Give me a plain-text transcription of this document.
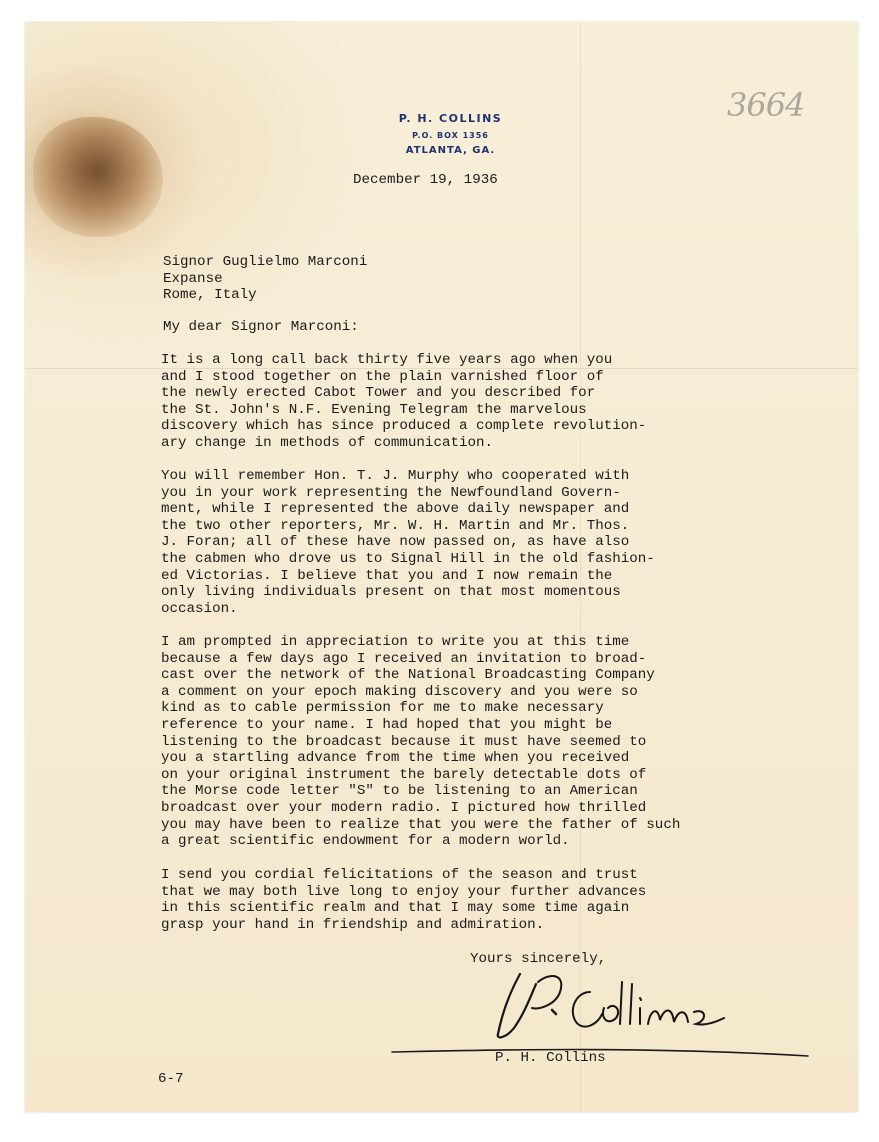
P. H. COLLINS
P.O. BOX 1356
ATLANTA, GA.
3664
December 19, 1936
Signor Guglielmo Marconi
Expanse
Rome, Italy
My dear Signor Marconi:
It is a long call back thirty five years ago when you
and I stood together on the plain varnished floor of
the newly erected Cabot Tower and you described for
the St. John's N.F. Evening Telegram the marvelous
discovery which has since produced a complete revolution-
ary change in methods of communication.
You will remember Hon. T. J. Murphy who cooperated with
you in your work representing the Newfoundland Govern-
ment, while I represented the above daily newspaper and
the two other reporters, Mr. W. H. Martin and Mr. Thos.
J. Foran; all of these have now passed on, as have also
the cabmen who drove us to Signal Hill in the old fashion-
ed Victorias. I believe that you and I now remain the
only living individuals present on that most momentous
occasion.
I am prompted in appreciation to write you at this time
because a few days ago I received an invitation to broad-
cast over the network of the National Broadcasting Company
a comment on your epoch making discovery and you were so
kind as to cable permission for me to make necessary
reference to your name. I had hoped that you might be
listening to the broadcast because it must have seemed to
you a startling advance from the time when you received
on your original instrument the barely detectable dots of
the Morse code letter "S" to be listening to an American
broadcast over your modern radio. I pictured how thrilled
you may have been to realize that you were the father of such
a great scientific endowment for a modern world.
I send you cordial felicitations of the season and trust
that we may both live long to enjoy your further advances
in this scientific realm and that I may some time again
grasp your hand in friendship and admiration.
Yours sincerely,
P. H. Collins
6-7
